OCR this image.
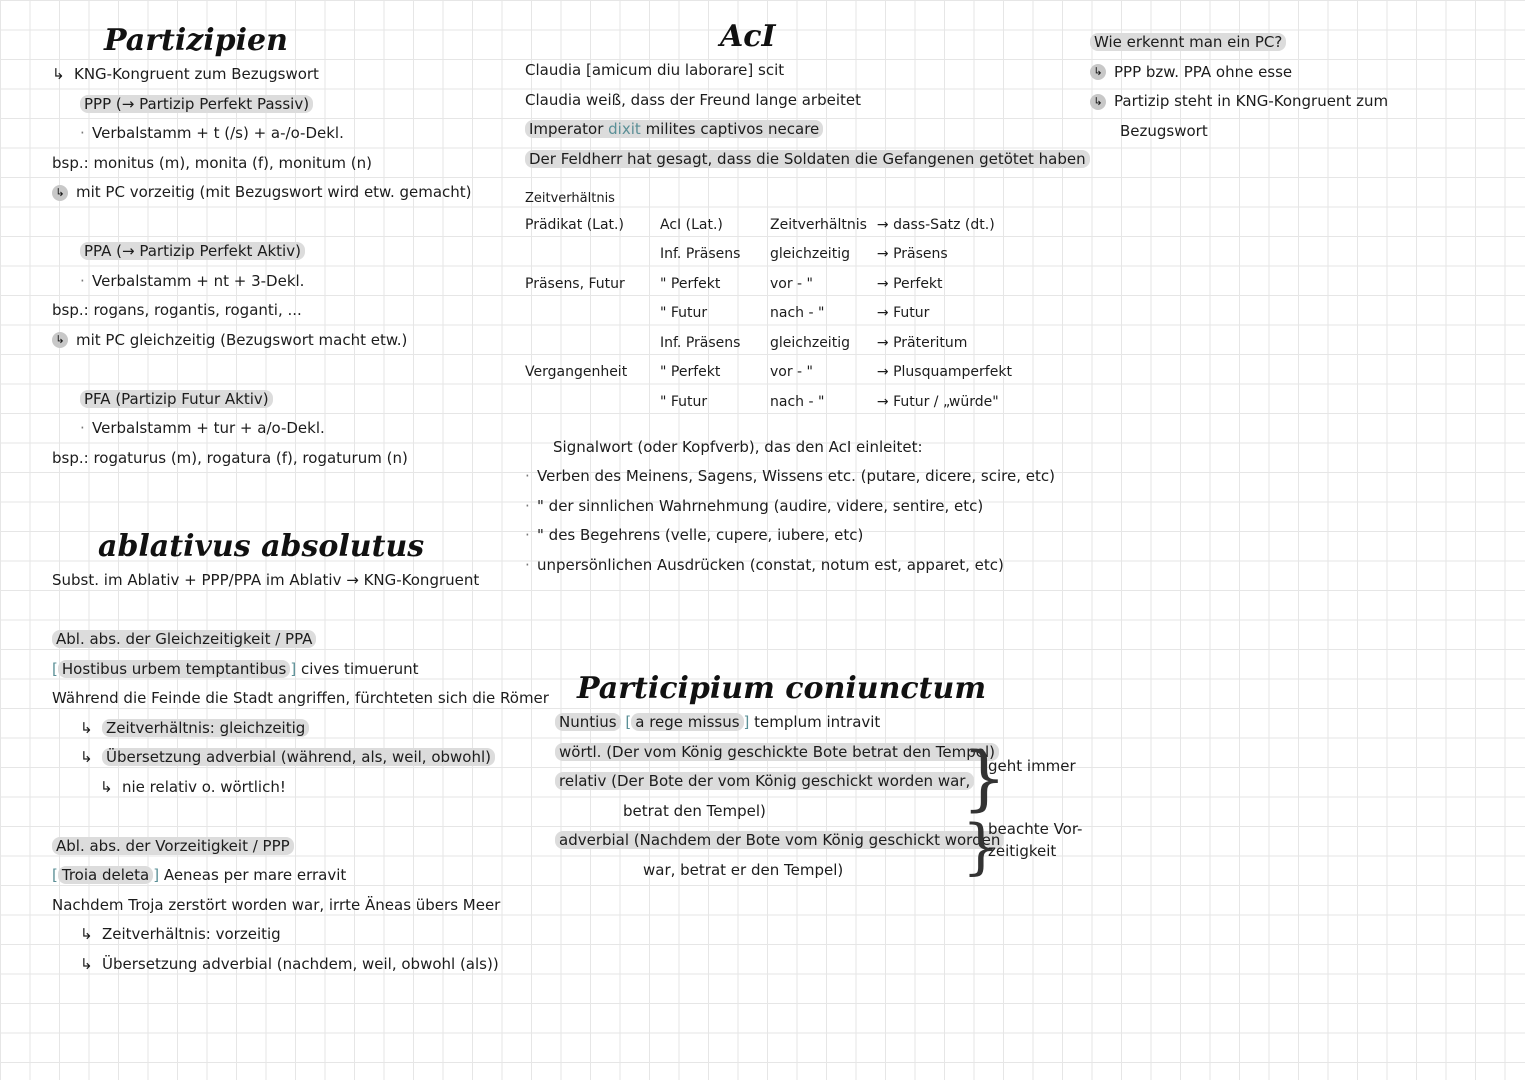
Partizipien
↳ KNG-Kongruent zum Bezugswort
PPP (→ Partizip Perfekt Passiv)
· Verbalstamm + t (/s) + a-/o-Dekl.
bsp.: monitus (m), monita (f), monitum (n)
↳ mit PC vorzeitig (mit Bezugswort wird etw. gemacht)
PPA (→ Partizip Perfekt Aktiv)
· Verbalstamm + nt + 3-Dekl.
bsp.: rogans, rogantis, roganti, ...
↳ mit PC gleichzeitig (Bezugswort macht etw.)
PFA (Partizip Futur Aktiv)
· Verbalstamm + tur + a/o-Dekl.
bsp.: rogaturus (m), rogatura (f), rogaturum (n)
ablativus absolutus
Subst. im Ablativ + PPP/PPA im Ablativ → KNG-Kongruent
Abl. abs. der Gleichzeitigkeit / PPA
[ Hostibus urbem temptantibus ] cives timuerunt
Während die Feinde die Stadt angriffen, fürchteten sich die Römer
↳ Zeitverhältnis: gleichzeitig
↳ Übersetzung adverbial (während, als, weil, obwohl)
↳ nie relativ o. wörtlich!
Abl. abs. der Vorzeitigkeit / PPP
[ Troia deleta ] Aeneas per mare erravit
Nachdem Troja zerstört worden war, irrte Äneas übers Meer
↳ Zeitverhältnis: vorzeitig
↳ Übersetzung adverbial (nachdem, weil, obwohl (als))
AcI
Claudia [amicum diu laborare] scit
Claudia weiß, dass der Freund lange arbeitet
Imperator dixit milites captivos necare
Der Feldherr hat gesagt, dass die Soldaten die Gefangenen getötet haben
Zeitverhältnis
Prädikat (Lat.)	AcI (Lat.)	Zeitverhältnis	→ dass-Satz (dt.)
	Inf. Präsens	gleichzeitig	→ Präsens
Präsens, Futur	" Perfekt	vor - "	→ Perfekt
	" Futur	nach - "	→ Futur
	Inf. Präsens	gleichzeitig	→ Präteritum
Vergangenheit	" Perfekt	vor - "	→ Plusquamperfekt
	" Futur	nach - "	→ Futur / „würde"
Signalwort (oder Kopfverb), das den AcI einleitet:
· Verben des Meinens, Sagens, Wissens etc. (putare, dicere, scire, etc)
· " der sinnlichen Wahrnehmung (audire, videre, sentire, etc)
· " des Begehrens (velle, cupere, iubere, etc)
· unpersönlichen Ausdrücken (constat, notum est, apparet, etc)
Participium coniunctum
Nuntius [ a rege missus ] templum intravit
wörtl. (Der vom König geschickte Bote betrat den Tempel)
relativ (Der Bote der vom König geschickt worden war,
betrat den Tempel)
adverbial (Nachdem der Bote vom König geschickt worden
war, betrat er den Tempel)
}
}
geht immer
beachte Vor-
zeitigkeit
Wie erkennt man ein PC?
↳ PPP bzw. PPA ohne esse
↳ Partizip steht in KNG-Kongruent zum
Bezugswort
